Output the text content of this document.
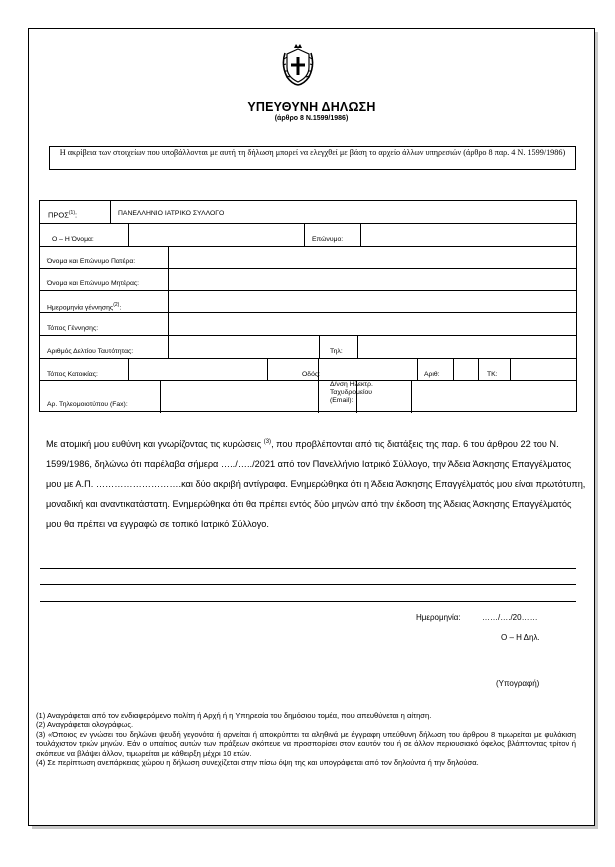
ΥΠΕΥΘΥΝΗ ΔΗΛΩΣΗ
(άρθρο 8 Ν.1599/1986)
Η ακρίβεια των στοιχείων που υποβάλλονται με αυτή τη δήλωση μπορεί να ελεγχθεί με βάση το αρχείο άλλων υπηρεσιών (άρθρο 8 παρ. 4 Ν. 1599/1986)
ΠΡΟΣ$^{(1)}$:	ΠΑΝΕΛΛΗΝΙΟ ΙΑΤΡΙΚΟ ΣΥΛΛΟΓΟ
Ο – Η Όνομα:	Επώνυμο:
Όνομα και Επώνυμο Πατέρα:
Όνομα και Επώνυμο Μητέρας:
Ημερομηνία γέννησης$^{(2)}$:
Τόπος Γέννησης:
Αριθμός Δελτίου Ταυτότητας:	Τηλ:
Τόπος Κατοικίας:	Οδός:	Αριθ:	ΤΚ:
Αρ. Τηλεομοιοτύπου (Fax):
Δ/νση Ηλεκτρ. Ταχυδρομείου (Email):
Με ατομική μου ευθύνη και γνωρίζοντας τις κυρώσεις $^{(3)}$, που προβλέπονται από τις διατάξεις της παρ. 6 του άρθρου 22 του Ν. 1599/1986, δηλώνω ότι παρέλαβα σήμερα …../…../2021 από τον Πανελλήνιο Ιατρικό Σύλλογο, την Άδεια Άσκησης Επαγγέλματος μου με Α.Π. ……………………….και δύο ακριβή αντίγραφα. Ενημερώθηκα ότι η Άδεια Άσκησης Επαγγέλματός μου είναι πρωτότυπη, μοναδική και αναντικατάστατη. Ενημερώθηκα ότι θα πρέπει εντός δύο μηνών από την έκδοση της Άδειας Άσκησης Επαγγέλματός μου θα πρέπει να εγγραφώ σε τοπικό Ιατρικό Σύλλογο.
Ημερομηνία:	……/…./20……
Ο – Η Δηλ.
(Υπογραφή)

(1) Αναγράφεται από τον ενδιαφερόμενο πολίτη ή Αρχή ή η Υπηρεσία του δημόσιου τομέα, που απευθύνεται η αίτηση.

(2) Αναγράφεται ολογράφως.

(3) «Όποιος εν γνώσει του δηλώνει ψευδή γεγονότα ή αρνείται ή αποκρύπτει τα αληθινά με έγγραφη υπεύθυνη δήλωση του άρθρου 8 τιμωρείται με φυλάκιση τουλάχιστον τριών μηνών. Εάν ο υπαίτιος αυτών των πράξεων σκόπευε να προσπορίσει στον εαυτόν του ή σε άλλον περιουσιακό όφελος βλάπτοντας τρίτον ή σκόπευε να βλάψει άλλον, τιμωρείται με κάθειρξη μέχρι 10 ετών.

(4) Σε περίπτωση ανεπάρκειας χώρου η δήλωση συνεχίζεται στην πίσω όψη της και υπογράφεται από τον δηλούντα ή την δηλούσα.
